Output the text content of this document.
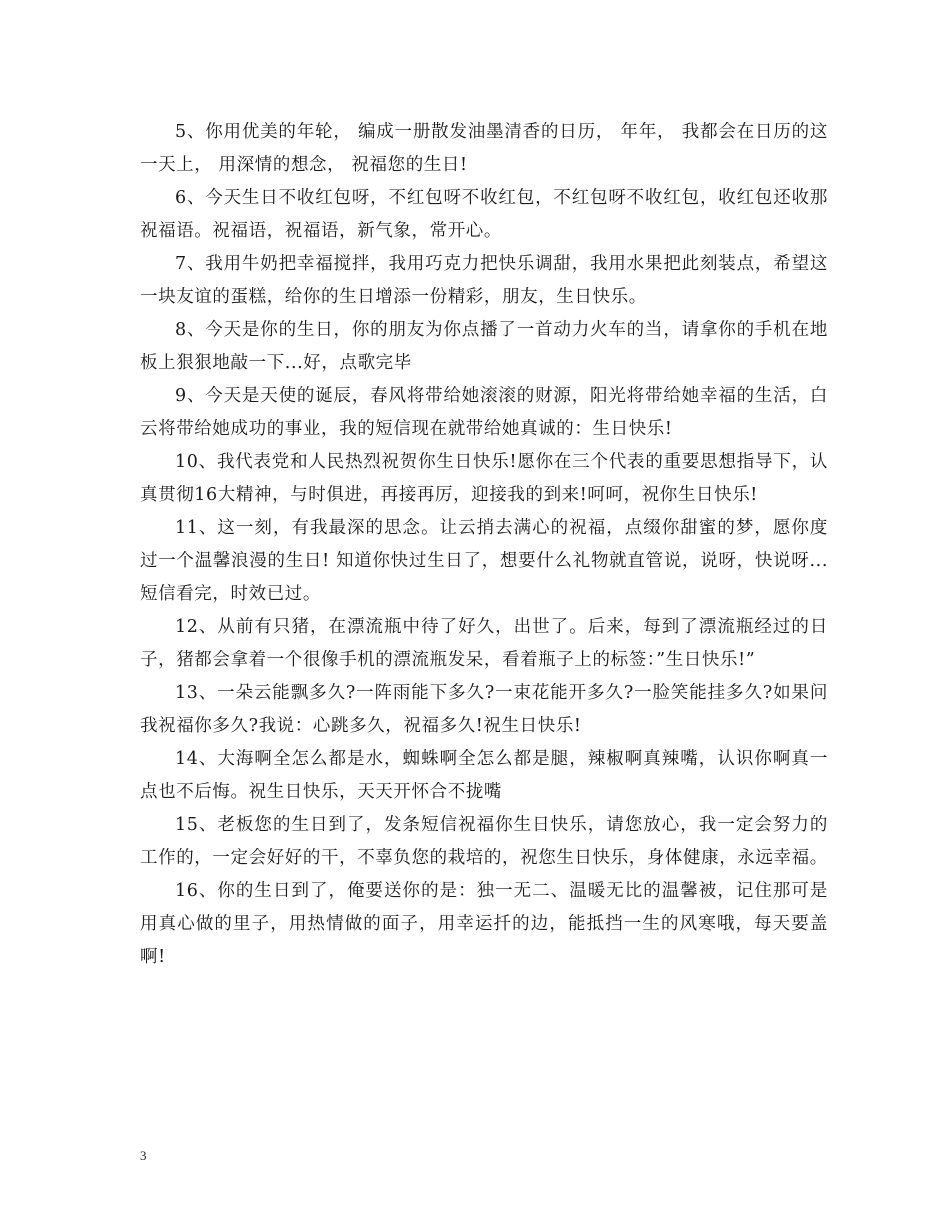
5、你用优美的年轮， 编成一册散发油墨清香的日历， 年年， 我都会在日历的这一天上， 用深情的想念， 祝福您的生日!

6、今天生日不收红包呀，不红包呀不收红包，不红包呀不收红包，收红包还收那祝福语。祝福语，祝福语，新气象，常开心。

7、我用牛奶把幸福搅拌，我用巧克力把快乐调甜，我用水果把此刻装点，希望这一块友谊的蛋糕，给你的生日增添一份精彩，朋友，生日快乐。

8、今天是你的生日，你的朋友为你点播了一首动力火车的当，请拿你的手机在地板上狠狠地敲一下...好，点歌完毕

9、今天是天使的诞辰，春风将带给她滚滚的财源，阳光将带给她幸福的生活，白云将带给她成功的事业，我的短信现在就带给她真诚的：生日快乐!

10、我代表党和人民热烈祝贺你生日快乐!愿你在三个代表的重要思想指导下，认真贯彻16大精神，与时俱进，再接再厉，迎接我的到来!呵呵，祝你生日快乐!

11、这一刻，有我最深的思念。让云捎去满心的祝福，点缀你甜蜜的梦，愿你度过一个温馨浪漫的生日! 知道你快过生日了，想要什么礼物就直管说，说呀，快说呀...短信看完，时效已过。

12、从前有只猪，在漂流瓶中待了好久，出世了。后来，每到了漂流瓶经过的日子，猪都会拿着一个很像手机的漂流瓶发呆，看着瓶子上的标签：”生日快乐!”

13、一朵云能飘多久?一阵雨能下多久?一束花能开多久?一脸笑能挂多久?如果问我祝福你多久?我说：心跳多久，祝福多久!祝生日快乐!

14、大海啊全怎么都是水，蜘蛛啊全怎么都是腿，辣椒啊真辣嘴，认识你啊真一点也不后悔。祝生日快乐，天天开怀合不拢嘴

15、老板您的生日到了，发条短信祝福你生日快乐，请您放心，我一定会努力的工作的，一定会好好的干，不辜负您的栽培的，祝您生日快乐，身体健康，永远幸福。

16、你的生日到了，俺要送你的是：独一无二、温暖无比的温馨被，记住那可是用真心做的里子，用热情做的面子，用幸运扦的边，能抵挡一生的风寒哦，每天要盖啊!

3
